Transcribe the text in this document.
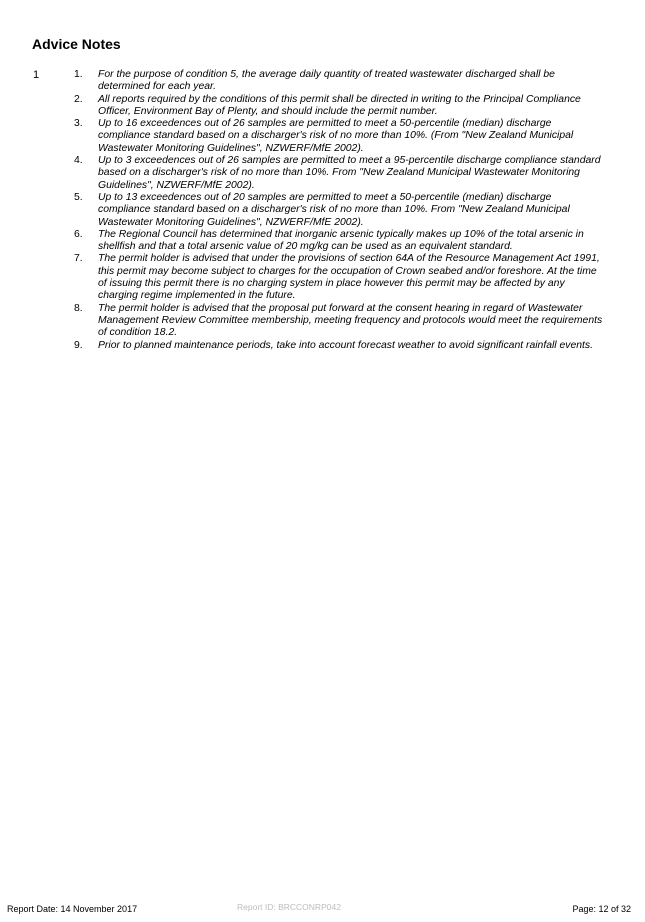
Advice Notes
1	1.	For the purpose of condition 5, the average daily quantity of treated wastewater discharged shall be determined for each year.
2.	All reports required by the conditions of this permit shall be directed in writing to the Principal Compliance Officer, Environment Bay of Plenty, and should include the permit number.
3.	Up to 16 exceedences out of 26 samples are permitted to meet a 50-percentile (median) discharge compliance standard based on a discharger's risk of no more than 10%. (From "New Zealand Municipal Wastewater Monitoring Guidelines", NZWERF/MfE 2002).
4.	Up to 3 exceedences out of 26 samples are permitted to meet a 95-percentile discharge compliance standard based on a discharger's risk of no more than 10%. From "New Zealand Municipal Wastewater Monitoring Guidelines", NZWERF/MfE 2002).
5.	Up to 13 exceedences out of 20 samples are permitted to meet a 50-percentile (median) discharge compliance standard based on a discharger's risk of no more than 10%. From "New Zealand Municipal Wastewater Monitoring Guidelines", NZWERF/MfE 2002).
6.	The Regional Council has determined that inorganic arsenic typically makes up 10% of the total arsenic in shellfish and that a total arsenic value of 20 mg/kg can be used as an equivalent standard.
7.	The permit holder is advised that under the provisions of section 64A of the Resource Management Act 1991, this permit may become subject to charges for the occupation of Crown seabed and/or foreshore. At the time of issuing this permit there is no charging system in place however this permit may be affected by any charging regime implemented in the future.
8.	The permit holder is advised that the proposal put forward at the consent hearing in regard of Wastewater Management Review Committee membership, meeting frequency and protocols would meet the requirements of condition 18.2.
9.	Prior to planned maintenance periods, take into account forecast weather to avoid significant rainfall events.
Report Date: 14 November 2017	Report ID: BRCCONRP042	Page: 12 of 32
